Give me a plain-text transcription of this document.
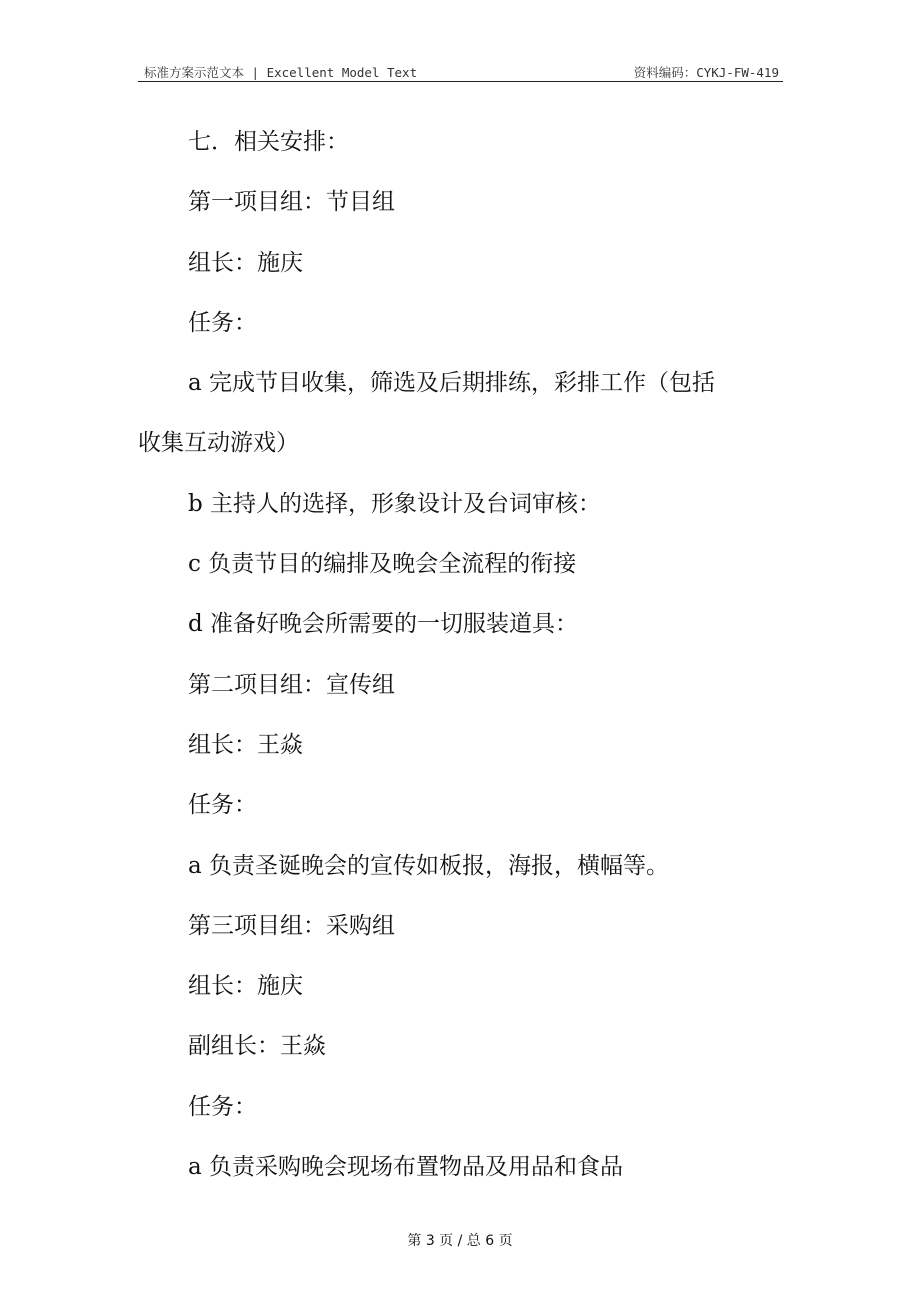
标准方案示范文本 | Excellent Model Text	资料编码：CYKJ-FW-419
七．相关安排：
第一项目组：节目组
组长：施庆
任务：
a 完成节目收集，筛选及后期排练，彩排工作（包括
收集互动游戏）
b 主持人的选择，形象设计及台词审核：
c 负责节目的编排及晚会全流程的衔接
d 准备好晚会所需要的一切服装道具：
第二项目组：宣传组
组长：王焱
任务：
a 负责圣诞晚会的宣传如板报，海报，横幅等。
第三项目组：采购组
组长：施庆
副组长：王焱
任务：
a 负责采购晚会现场布置物品及用品和食品
第 3 页 / 总 6 页
